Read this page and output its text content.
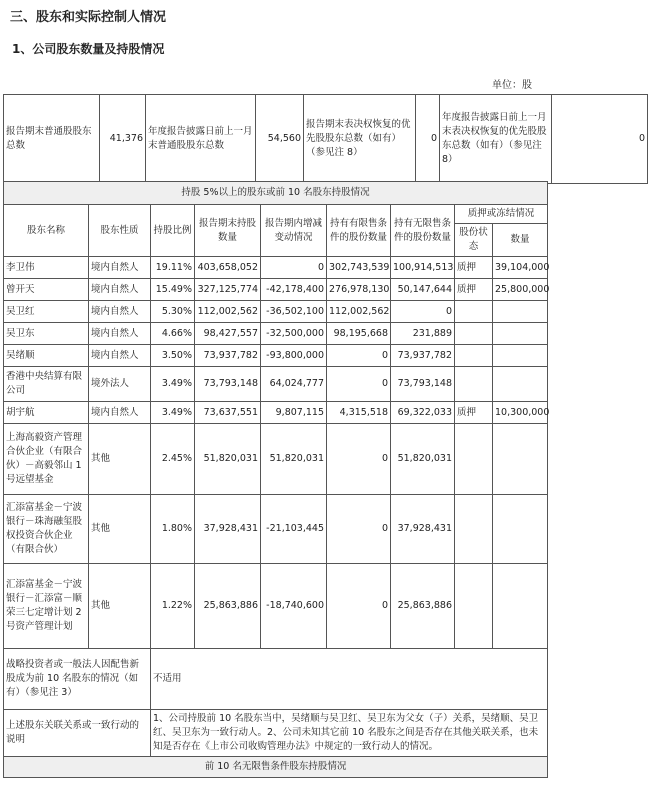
三、股东和实际控制人情况
1、公司股东数量及持股情况
单位：股
报告期末普通股股东总数	41,376	年度报告披露日前上一月末普通股股东总数	54,560	报告期末表决权恢复的优先股股东总数（如有）（参见注 8）	0	年度报告披露日前上一月末表决权恢复的优先股股东总数（如有）（参见注 8）	0
持股 5%以上的股东或前 10 名股东持股情况								
股东名称	股东性质	持股比例	报告期末持股数量	报告期内增减变动情况	持有有限售条件的股份数量	持有无限售条件的股份数量	质押或冻结情况	
							股份状态	数量
李卫伟	境内自然人	19.11%	403,658,052	0	302,743,539	100,914,513	质押	39,104,000
曾开天	境内自然人	15.49%	327,125,774	-42,178,400	276,978,130	50,147,644	质押	25,800,000
吴卫红	境内自然人	5.30%	112,002,562	-36,502,100	112,002,562	0		
吴卫东	境内自然人	4.66%	98,427,557	-32,500,000	98,195,668	231,889		
吴绪顺	境内自然人	3.50%	73,937,782	-93,800,000	0	73,937,782		
香港中央结算有限公司	境外法人	3.49%	73,793,148	64,024,777	0	73,793,148		
胡宇航	境内自然人	3.49%	73,637,551	9,807,115	4,315,518	69,322,033	质押	10,300,000
上海高毅资产管理合伙企业（有限合伙）－高毅邻山 1 号远望基金	其他	2.45%	51,820,031	51,820,031	0	51,820,031		
汇添富基金－宁波银行－珠海融玺股权投资合伙企业（有限合伙）	其他	1.80%	37,928,431	-21,103,445	0	37,928,431		
汇添富基金－宁波银行－汇添富－顺荣三七定增计划 2 号资产管理计划	其他	1.22%	25,863,886	-18,740,600	0	25,863,886		
战略投资者或一般法人因配售新股成为前 10 名股东的情况（如有）（参见注 3）		不适用						
上述股东关联关系或一致行动的说明		1、公司持股前 10 名股东当中，吴绪顺与吴卫红、吴卫东为父女（子）关系，吴绪顺、吴卫红、吴卫东为一致行动人。2、公司未知其它前 10 名股东之间是否存在其他关联关系，也未知是否存在《上市公司收购管理办法》中规定的一致行动人的情况。						
前 10 名无限售条件股东持股情况								
